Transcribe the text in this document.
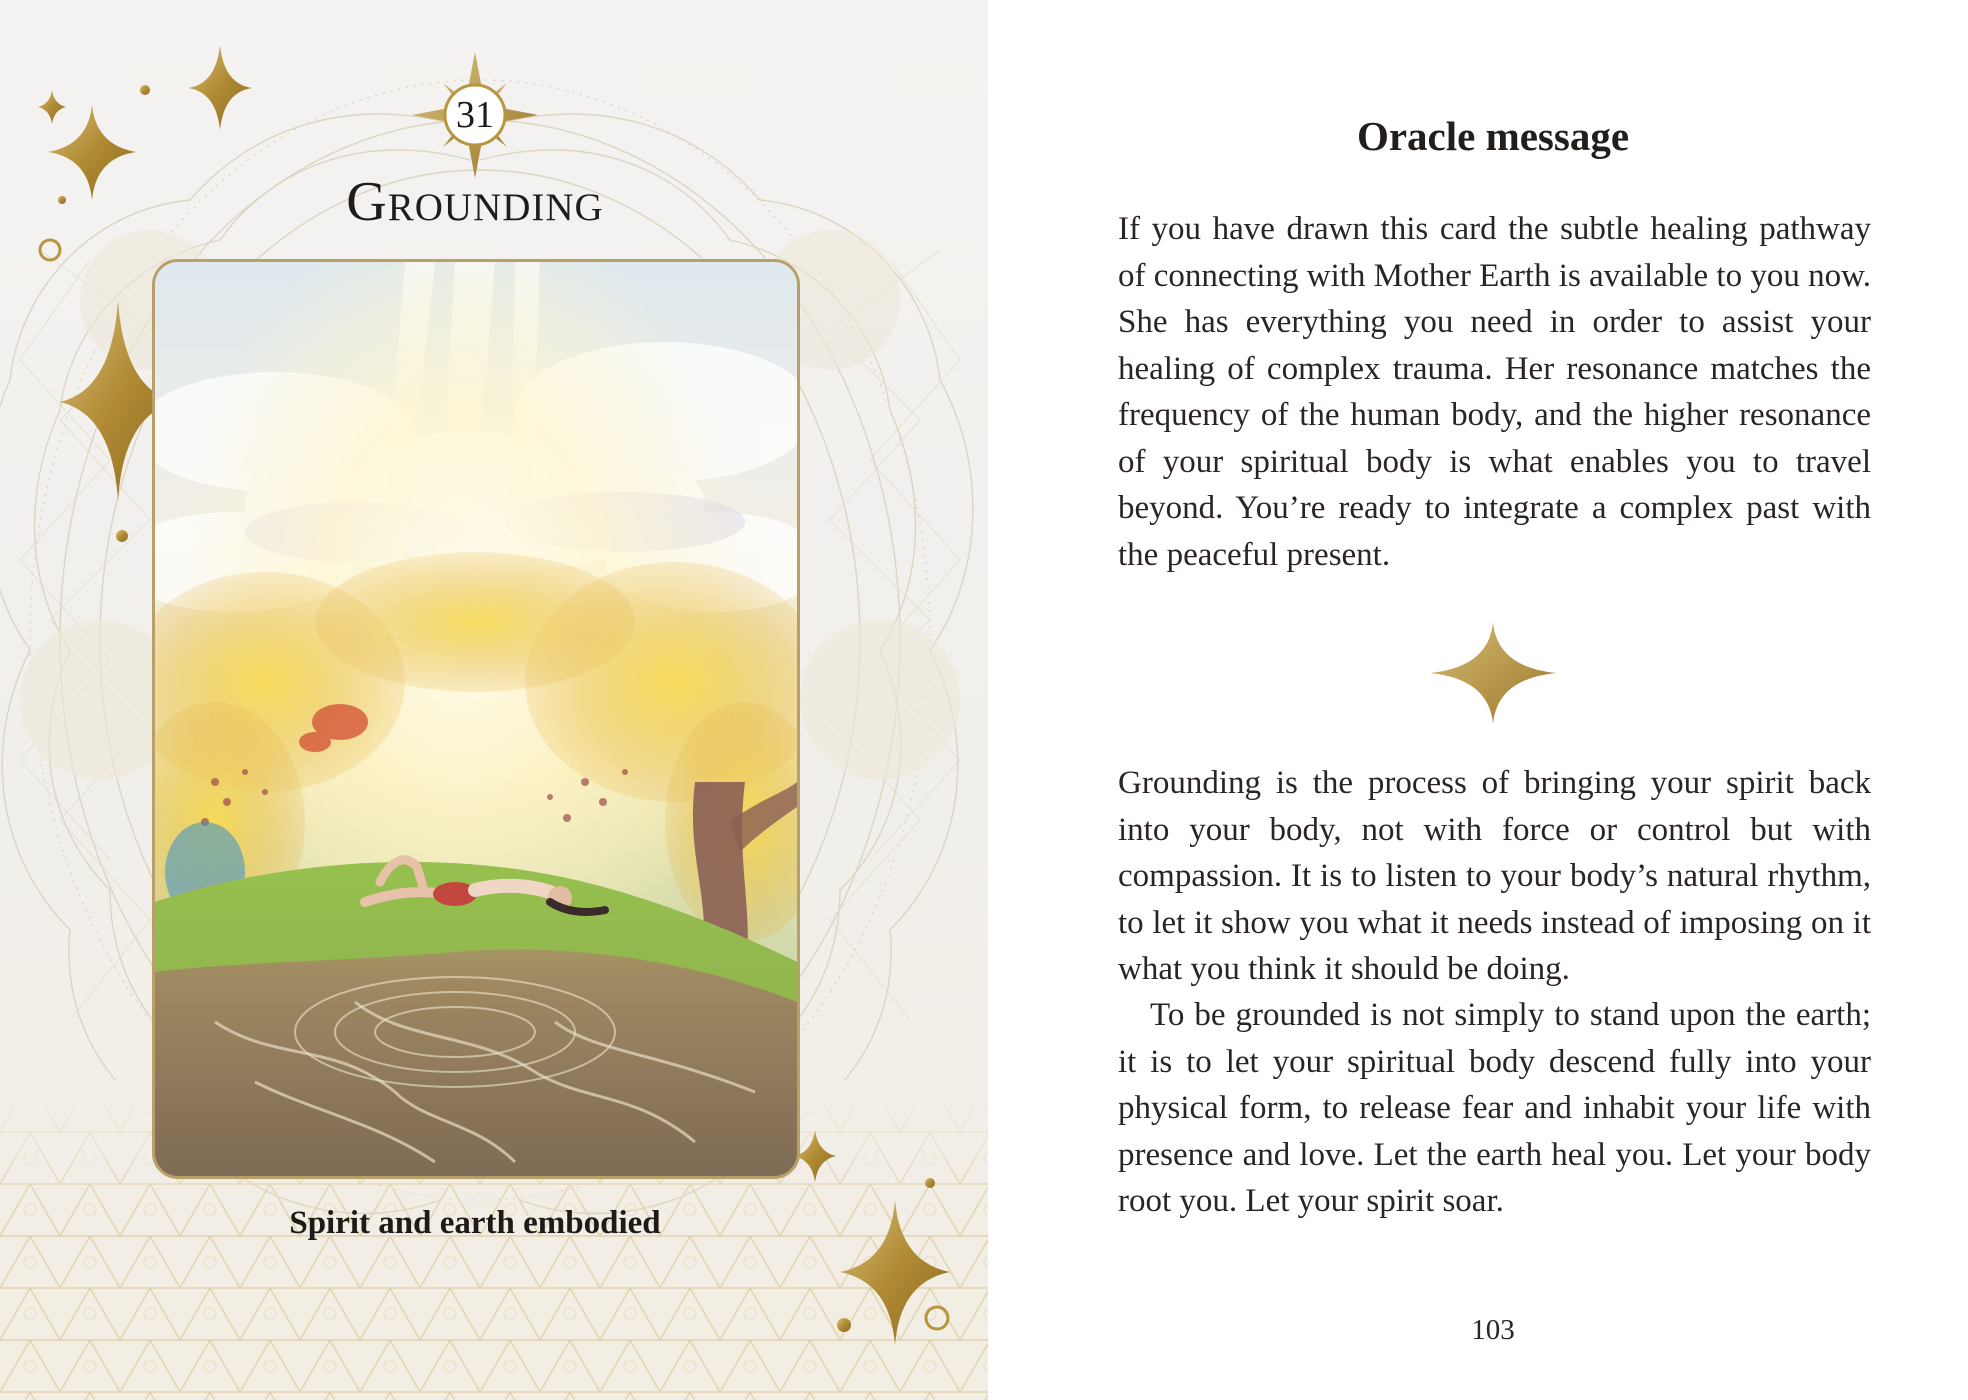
31
Grounding
Spirit and earth embodied
Oracle message

If you have drawn this card the subtle healing pathway of connecting with Mother Earth is available to you now. She has everything you need in order to assist your healing of complex trauma. Her resonance matches the frequency of the human body, and the higher resonance of your spiritual body is what enables you to travel beyond. You’re ready to integrate a complex past with the peaceful present.

Grounding is the process of bringing your spirit back into your body, not with force or control but with compassion. It is to listen to your body’s natural rhythm, to let it show you what it needs instead of imposing on it what you think it should be doing.

To be grounded is not simply to stand upon the earth; it is to let your spiritual body descend fully into your physical form, to release fear and inhabit your life with presence and love. Let the earth heal you. Let your body root you. Let your spirit soar.

103
